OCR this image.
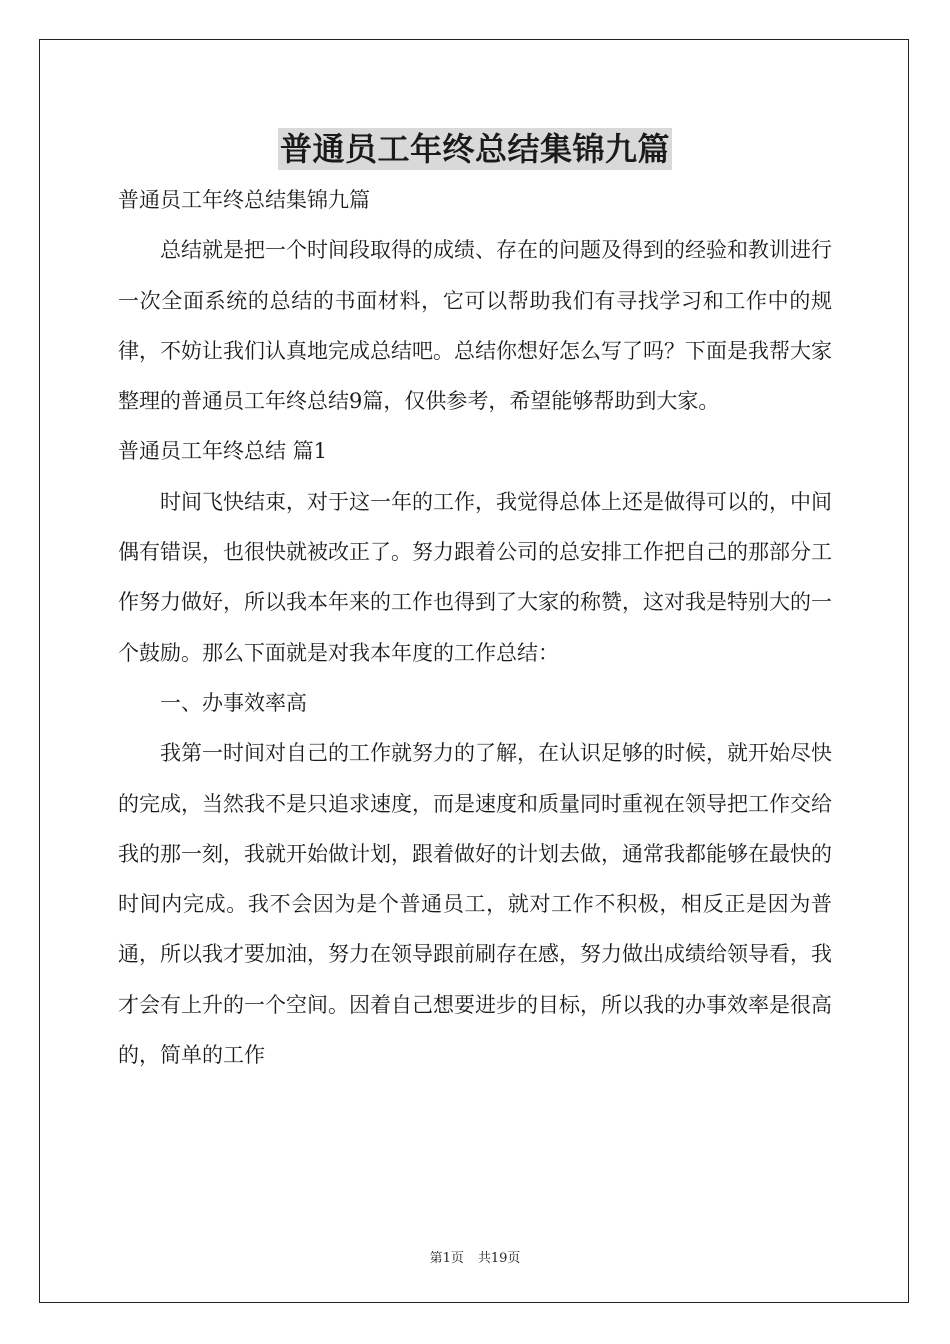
普通员工年终总结集锦九篇

普通员工年终总结集锦九篇

总结就是把一个时间段取得的成绩、存在的问题及得到的经验和教训进行一次全面系统的总结的书面材料，它可以帮助我们有寻找学习和工作中的规律，不妨让我们认真地完成总结吧。总结你想好怎么写了吗？下面是我帮大家整理的普通员工年终总结9篇，仅供参考，希望能够帮助到大家。

普通员工年终总结 篇1

时间飞快结束，对于这一年的工作，我觉得总体上还是做得可以的，中间偶有错误，也很快就被改正了。努力跟着公司的总安排工作把自己的那部分工作努力做好，所以我本年来的工作也得到了大家的称赞，这对我是特别大的一个鼓励。那么下面就是对我本年度的工作总结：

一、办事效率高

我第一时间对自己的工作就努力的了解，在认识足够的时候，就开始尽快的完成，当然我不是只追求速度，而是速度和质量同时重视在领导把工作交给我的那一刻，我就开始做计划，跟着做好的计划去做，通常我都能够在最快的时间内完成。我不会因为是个普通员工，就对工作不积极，相反正是因为普通，所以我才要加油，努力在领导跟前刷存在感，努力做出成绩给领导看，我才会有上升的一个空间。因着自己想要进步的目标，所以我的办事效率是很高的，简单的工作

第1页 共19页
